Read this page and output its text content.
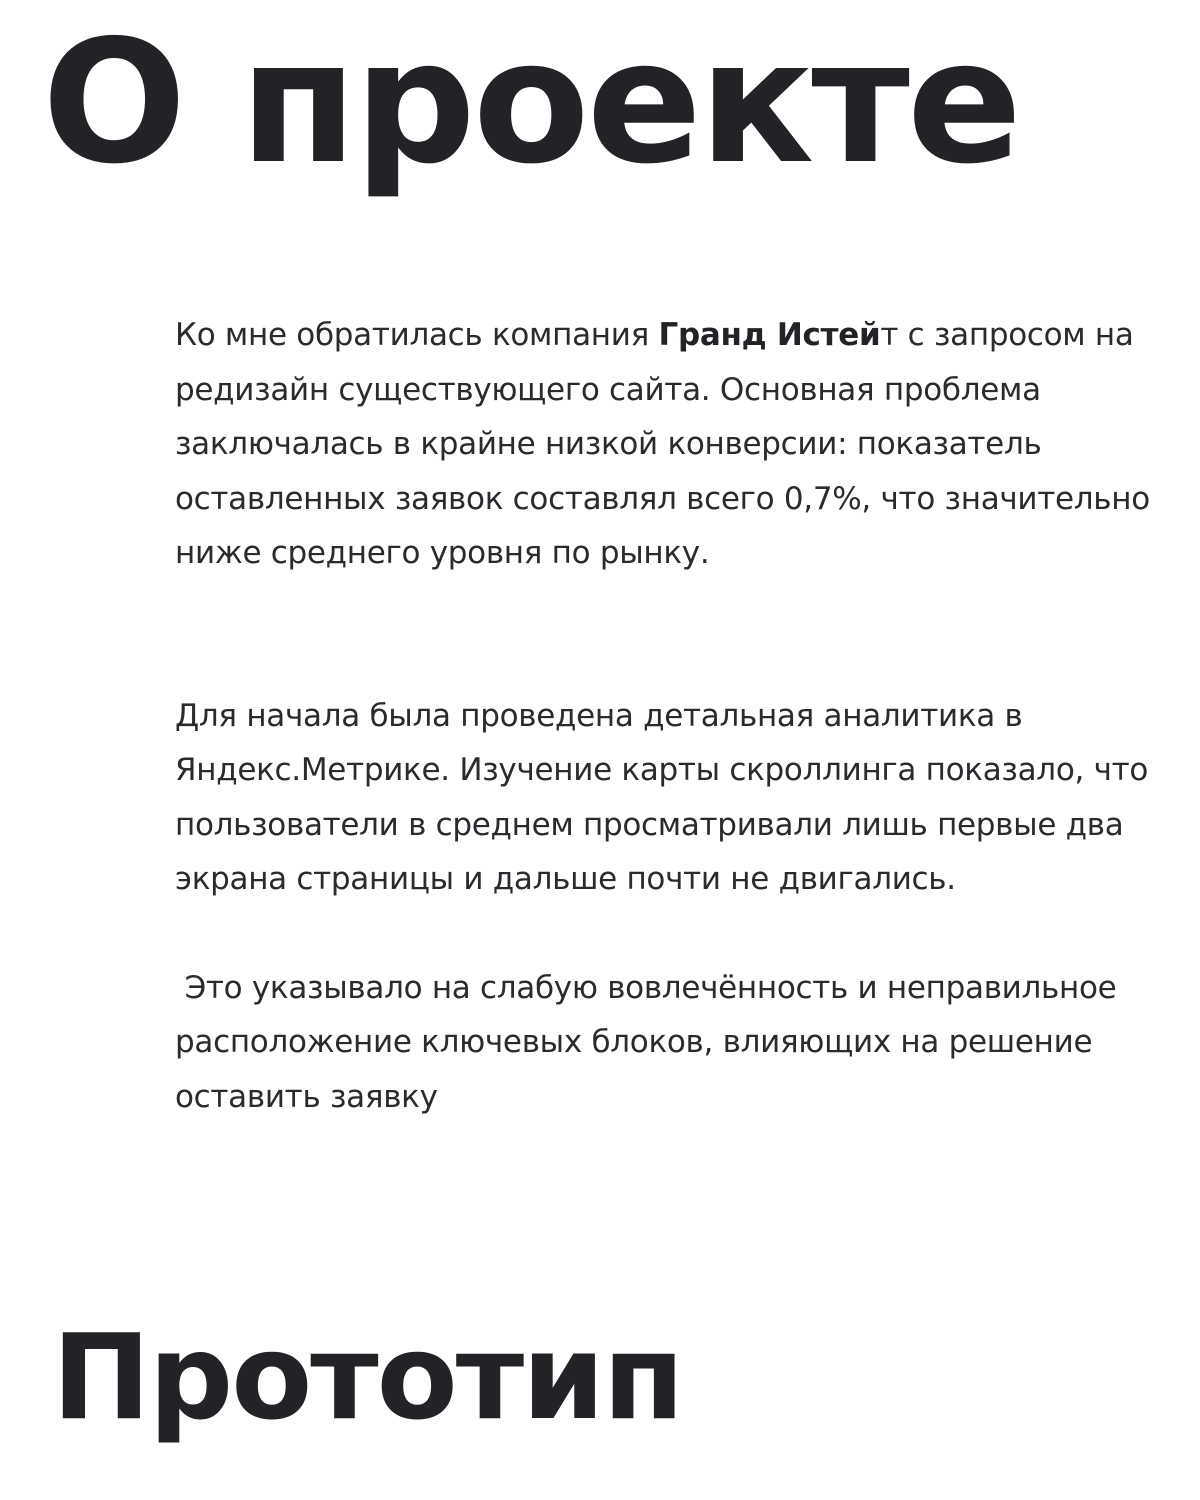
О проекте

Ко мне обратилась компания Гранд Истейт с запросом на редизайн существующего сайта. Основная проблема заключалась в крайне низкой конверсии: показатель оставленных заявок составлял всего 0,7%, что значительно ниже среднего уровня по рынку.

Для начала была проведена детальная аналитика в Яндекс.Метрике. Изучение карты скроллинга показало, что пользователи в среднем просматривали лишь первые два экрана страницы и дальше почти не двигались.

Это указывало на слабую вовлечённость и неправильное расположение ключевых блоков, влияющих на решение оставить заявку

Прототип
